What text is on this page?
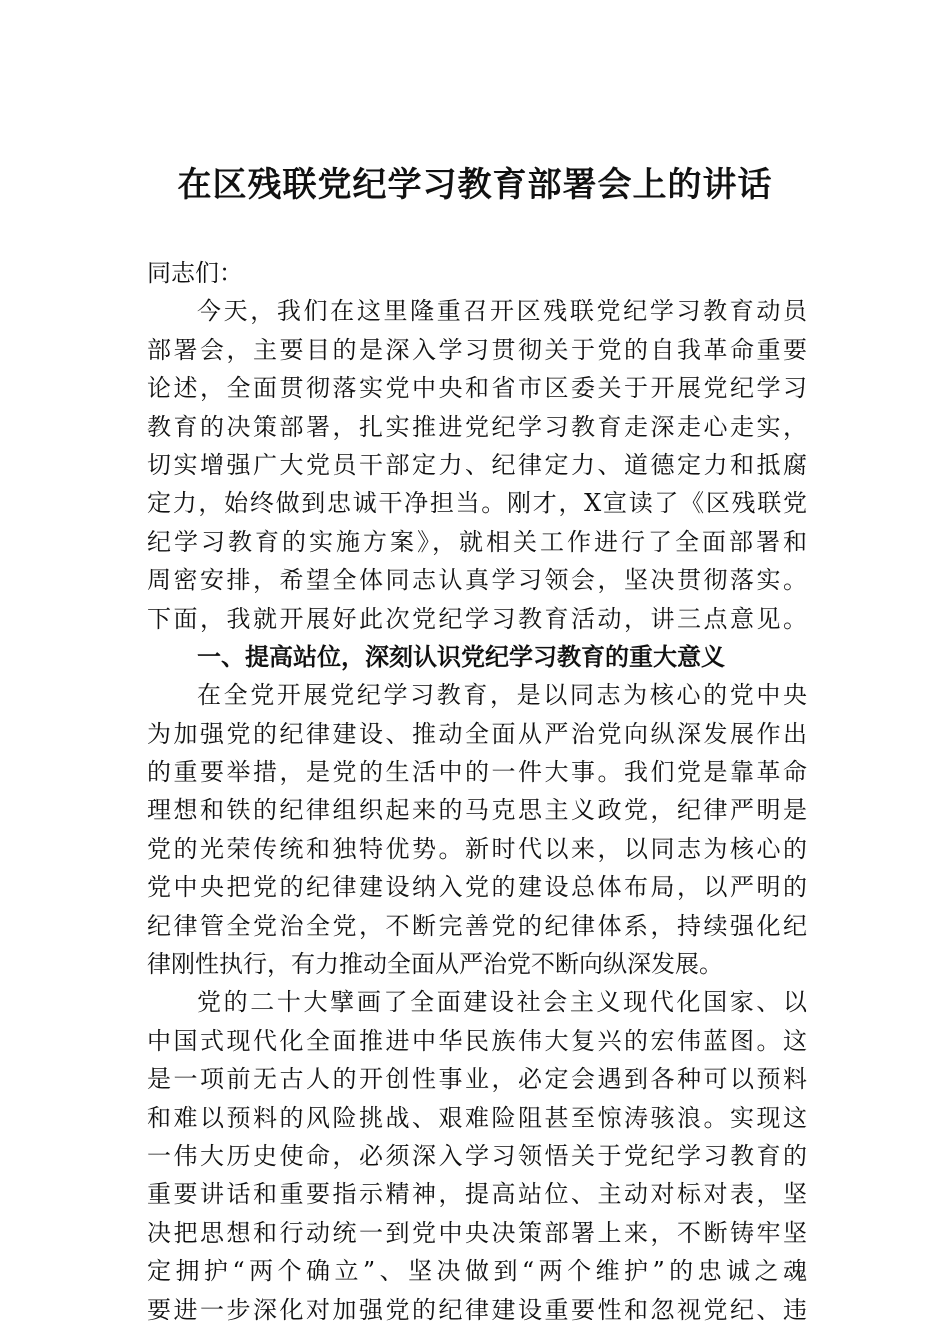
在区残联党纪学习教育部署会上的讲话
同志们：
今天，我们在这里隆重召开区残联党纪学习教育动员
部署会，主要目的是深入学习贯彻关于党的自我革命重要
论述，全面贯彻落实党中央和省市区委关于开展党纪学习
教育的决策部署，扎实推进党纪学习教育走深走心走实，
切实增强广大党员干部定力、纪律定力、道德定力和抵腐
定力，始终做到忠诚干净担当。刚才，X宣读了《区残联党
纪学习教育的实施方案》，就相关工作进行了全面部署和
周密安排，希望全体同志认真学习领会，坚决贯彻落实。
下面，我就开展好此次党纪学习教育活动，讲三点意见。
一、提高站位，深刻认识党纪学习教育的重大意义
在全党开展党纪学习教育，是以同志为核心的党中央
为加强党的纪律建设、推动全面从严治党向纵深发展作出
的重要举措，是党的生活中的一件大事。我们党是靠革命
理想和铁的纪律组织起来的马克思主义政党，纪律严明是
党的光荣传统和独特优势。新时代以来，以同志为核心的
党中央把党的纪律建设纳入党的建设总体布局，以严明的
纪律管全党治全党，不断完善党的纪律体系，持续强化纪
律刚性执行，有力推动全面从严治党不断向纵深发展。
党的二十大擘画了全面建设社会主义现代化国家、以
中国式现代化全面推进中华民族伟大复兴的宏伟蓝图。这
是一项前无古人的开创性事业，必定会遇到各种可以预料
和难以预料的风险挑战、艰难险阻甚至惊涛骇浪。实现这
一伟大历史使命，必须深入学习领悟关于党纪学习教育的
重要讲话和重要指示精神，提高站位、主动对标对表，坚
决把思想和行动统一到党中央决策部署上来，不断铸牢坚
定拥护“两个确立”、坚决做到“两个维护”的忠诚之魂
要进一步深化对加强党的纪律建设重要性和忽视党纪、违
